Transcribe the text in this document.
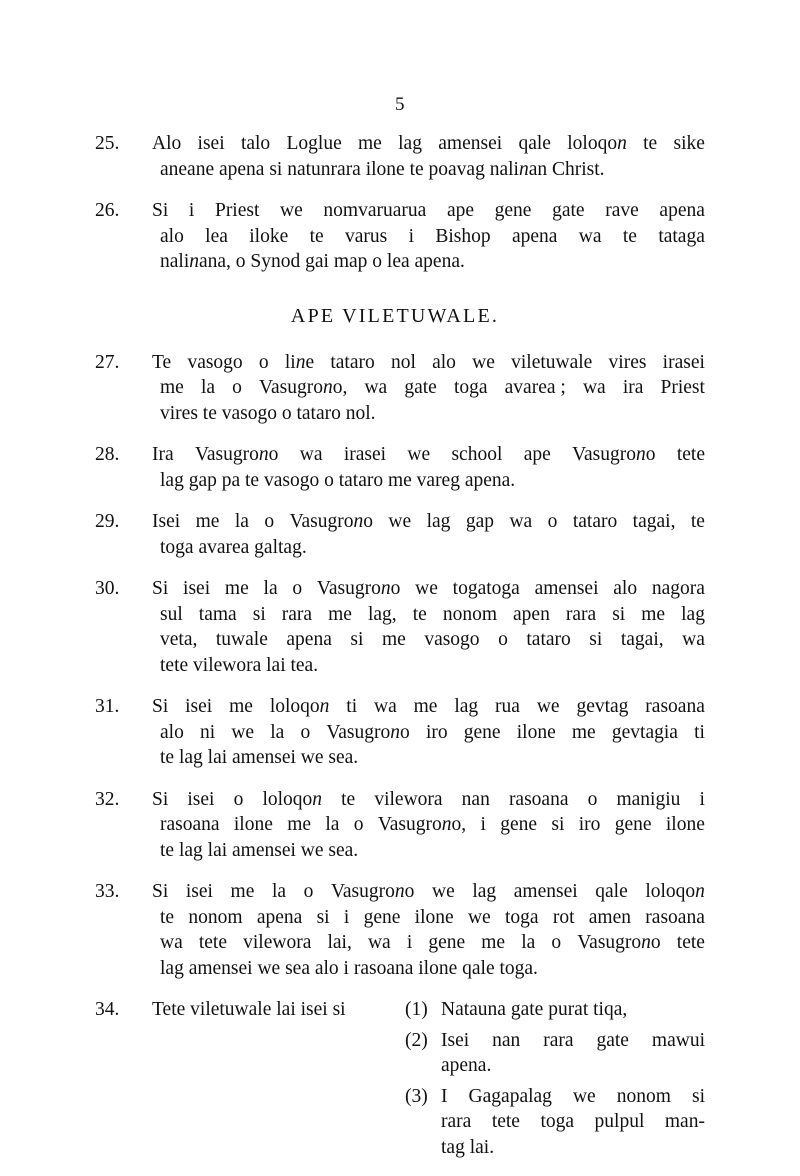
5
25.	Alo isei talo Loglue me lag amensei qale loloqon te sike
aneane apena si natunrara ilone te poavag nalinan Christ.
26.	Si i Priest we nomvaruarua ape gene gate rave apena
alo lea iloke te varus i Bishop apena wa te tataga
nalinana, o Synod gai map o lea apena.
APE VILETUWALE.
27.	Te vasogo o line tataro nol alo we viletuwale vires irasei
me la o Vasugrono, wa gate toga avarea ; wa ira Priest
vires te vasogo o tataro nol.
28.	Ira Vasugrono wa irasei we school ape Vasugrono tete
lag gap pa te vasogo o tataro me vareg apena.
29.	Isei me la o Vasugrono we lag gap wa o tataro tagai, te
toga avarea galtag.
30.	Si isei me la o Vasugrono we togatoga amensei alo nagora
sul tama si rara me lag, te nonom apen rara si me lag
veta, tuwale apena si me vasogo o tataro si tagai, wa
tete vilewora lai tea.
31.	Si isei me loloqon ti wa me lag rua we gevtag rasoana
alo ni we la o Vasugrono iro gene ilone me gevtagia ti
te lag lai amensei we sea.
32.	Si isei o loloqon te vilewora nan rasoana o manigiu i
rasoana ilone me la o Vasugrono, i gene si iro gene ilone
te lag lai amensei we sea.
33.	Si isei me la o Vasugrono we lag amensei qale loloqon
te nonom apena si i gene ilone we toga rot amen rasoana
wa tete vilewora lai, wa i gene me la o Vasugrono tete
lag amensei we sea alo i rasoana ilone qale toga.
34.	Tete viletuwale lai isei si	(1) Natauna gate purat tiqa,
(2) Isei nan rara gate mawui
apena.
(3) I Gagapalag we nonom si
rara tete toga pulpul man-
tag lai.
